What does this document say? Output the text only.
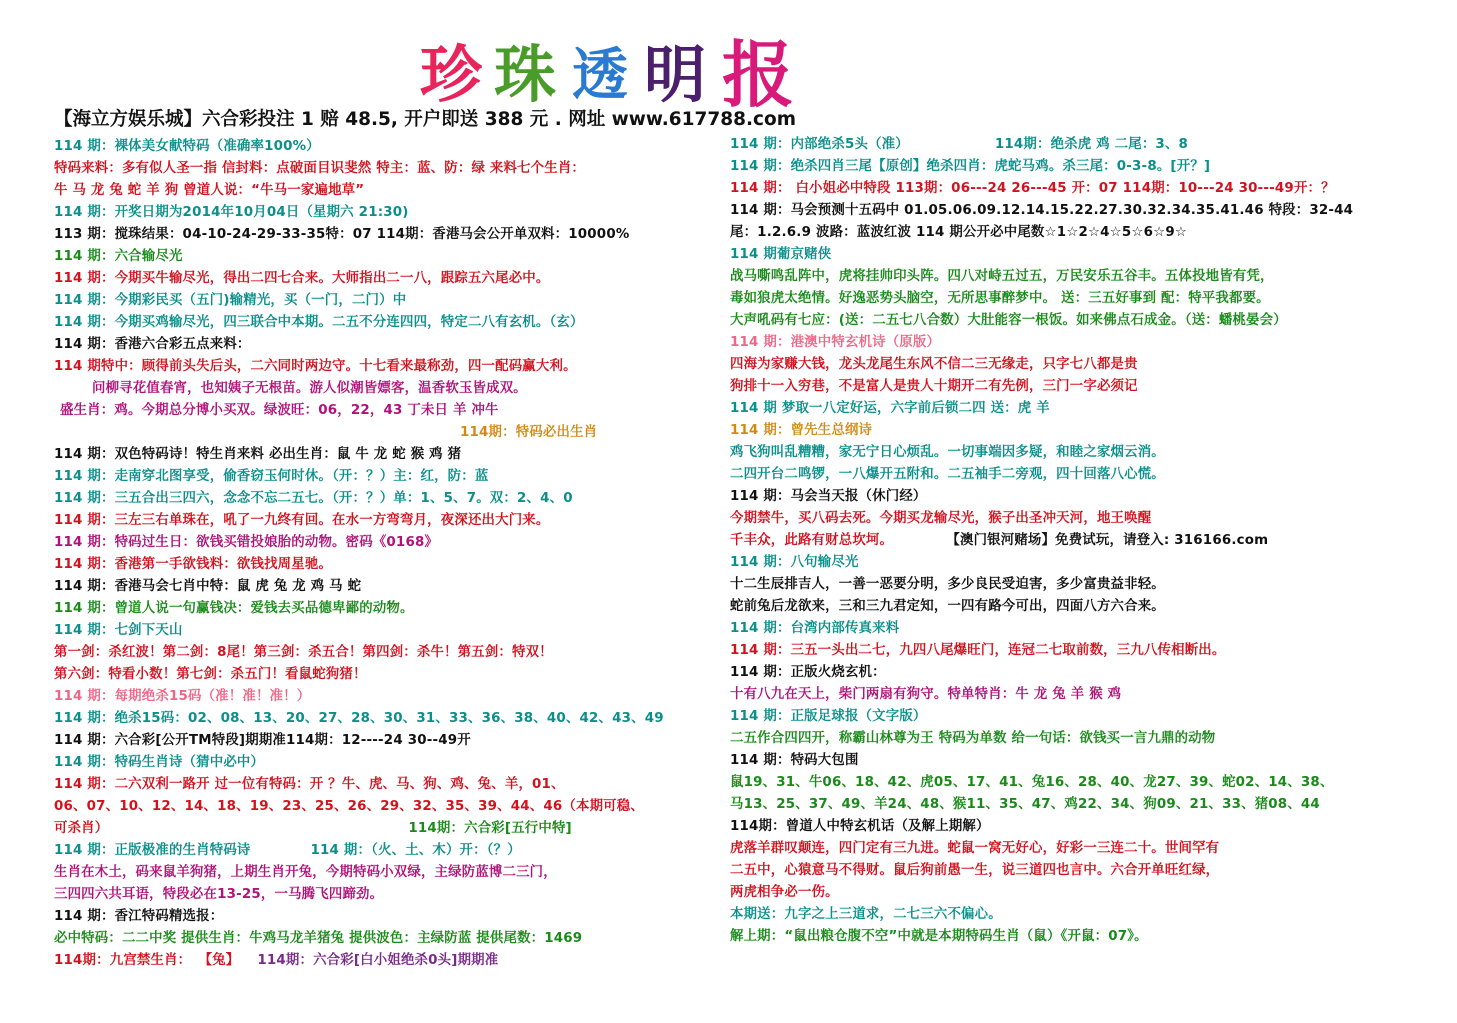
珍 珠 透 明 报
【海立方娱乐城】六合彩投注 1 赔 48.5, 开户即送 388 元 . 网址 www.617788.com
114 期：裸体美女献特码（准确率100%）
特码来料：多有似人圣一指 信封料：点破面目识斐然 特主：蓝、防：绿 来料七个生肖：
牛 马 龙 兔 蛇 羊 狗 曾道人说：“牛马一家遍地草”
114 期：开奖日期为2014年10月04日（星期六 21:30)
113 期：搅珠结果：04-10-24-29-33-35特：07 114期：香港马会公开单双料：10000%
114 期：六合输尽光
114 期：今期买牛输尽光，得出二四七合来。大师指出二一八，跟踪五六尾必中。
114 期：今期彩民买（五门)输精光，买（一门，二门）中
114 期：今期买鸡输尽光，四三联合中本期。二五不分连四四，特定二八有玄机。（玄）
114 期：香港六合彩五点来料：
114 期特中：顾得前头失后头，二六同时两边守。十七看来最称劲，四一配码赢大利。
问柳寻花值春宵，也知姨子无根苗。游人似潮皆嫖客，温香软玉皆成双。
盛生肖：鸡。今期总分博小买双。绿波旺：06，22，43 丁未日 羊 冲牛
114期：特码必出生肖
114 期：双色特码诗！特生肖来料 必出生肖：鼠 牛 龙 蛇 猴 鸡 猪
114 期：走南穿北图享受，偷香窃玉何时休。（开：？）主：红，防：蓝
114 期：三五合出三四六，念念不忘二五七。（开：？）单：1、5、7。双：2、4、0
114 期：三左三右单珠在，吼了一九终有回。在水一方弯弯月，夜深还出大门来。
114 期：特码过生日：欲钱买错投娘胎的动物。密码《0168》
114 期：香港第一手欲钱料：欲钱找周星驰。
114 期：香港马会七肖中特：鼠 虎 兔 龙 鸡 马 蛇
114 期：曾道人说一句赢钱决：爱钱去买品德卑鄙的动物。
114 期：七剑下天山
第一剑：杀红波！第二剑：8尾！第三剑：杀五合！第四剑：杀牛！第五剑：特双！
第六剑：特看小数！第七剑：杀五门！看鼠蛇狗猪！
114 期：每期绝杀15码（准！准！准！）
114 期：绝杀15码：02、08、13、20、27、28、30、31、33、36、38、40、42、43、49
114 期：六合彩[公开TM特段]期期准114期：12----24 30--49开
114 期：特码生肖诗（猜中必中）
114 期：二六双利一路开 过一位有特码：开 ？牛、虎、马、狗、鸡、兔、羊，01、
06、07、10、12、14、18、19、23、25、26、29、32、35、39、44、46（本期可稳、
可杀肖）	114期：六合彩[五行中特]
114 期：正版极准的生肖特码诗	114 期：（火、土、木）开：（？）
生肖在木土，码来鼠羊狗猪，上期生肖开兔，今期特码小双绿，主绿防蓝博二三门，
三四四六共耳语，特段必在13-25，一马腾飞四蹄劲。
114 期：香江特码精选报：
必中特码：二二中奖 提供生肖：牛鸡马龙羊猪兔 提供波色：主绿防蓝 提供尾数：1469
114期：九宫禁生肖： 【兔】 114期：六合彩[白小姐绝杀0头]期期准
114 期：内部绝杀5头（准）	114期：绝杀虎 鸡 二尾：3、8
114 期：绝杀四肖三尾【原创】绝杀四肖：虎蛇马鸡。杀三尾：0-3-8。[开？]
114 期： 白小姐必中特段 113期：06---24 26---45 开：07 114期：10---24 30---49开：？
114 期：马会预测十五码中 01.05.06.09.12.14.15.22.27.30.32.34.35.41.46 特段：32-44
尾：1.2.6.9 波路：蓝波红波 114 期公开必中尾数☆1☆2☆4☆5☆6☆9☆
114 期葡京赌侠
战马嘶鸣乱阵中，虎将挂帅印头阵。四八对峙五过五，万民安乐五谷丰。五体投地皆有凭，
毒如狼虎太绝情。好逸恶势头脑空，无所思事醉梦中。 送：三五好事到 配：特平我都要。
大声吼码有七应：(送：二五七八合数）大肚能容一根饭。如来佛点石成金。（送：蟠桃晏会）
114 期：港澳中特玄机诗（原版）
四海为家赚大钱，龙头龙尾生东风不信二三无缘走，只字七八都是贵
狗排十一入穷巷，不是富人是贵人十期开二有先例，三门一字必须记
114 期 梦取一八定好运，六字前后锁二四 送：虎 羊
114 期：曾先生总纲诗
鸡飞狗叫乱糟糟，家无宁日心烦乱。一切事端因多疑，和睦之家烟云消。
二四开台二鸣锣，一八爆开五附和。二五袖手二旁观，四十回落八心慌。
114 期：马会当天报（休门经）
今期禁牛，买八码去死。今期买龙输尽光，猴子出圣冲天河，地王唤醒
千丰众，此路有财总坎坷。	【澳门银河赌场】免费试玩，请登入: 316166.com
114 期：八句输尽光
十二生辰排吉人，一善一恶要分明，多少良民受迫害，多少富贵益非轻。
蛇前兔后龙欲来，三和三九君定知，一四有路今可出，四面八方六合来。
114 期：台湾内部传真来料
114 期：三五一头出二七，九四八尾爆旺门，连冠二七取前数，三九八传相断出。
114 期：正版火烧玄机：
十有八九在天上，柴门两扇有狗守。特单特肖：牛 龙 兔 羊 猴 鸡
114 期：正版足球报（文字版）
二五作合四四开，称霸山林尊为王 特码为单数 给一句话：欲钱买一言九鼎的动物
114 期：特码大包围
鼠19、31、牛06、18、42、虎05、17、41、兔16、28、40、龙27、39、蛇02、14、38、
马13、25、37、49、羊24、48、猴11、35、47、鸡22、34、狗09、21、33、猪08、44
114期：曾道人中特玄机话（及解上期解）
虎落羊群叹颠连，四门定有三九进。蛇鼠一窝无好心，好彩一三连二十。世间罕有
二五中，心猿意马不得财。鼠后狗前愚一生，说三道四也言中。六合开单旺红绿，
两虎相争必一伤。
本期送：九字之上三道求，二七三六不偏心。
解上期：“鼠出粮仓腹不空”中就是本期特码生肖（鼠）《开鼠：07》。
